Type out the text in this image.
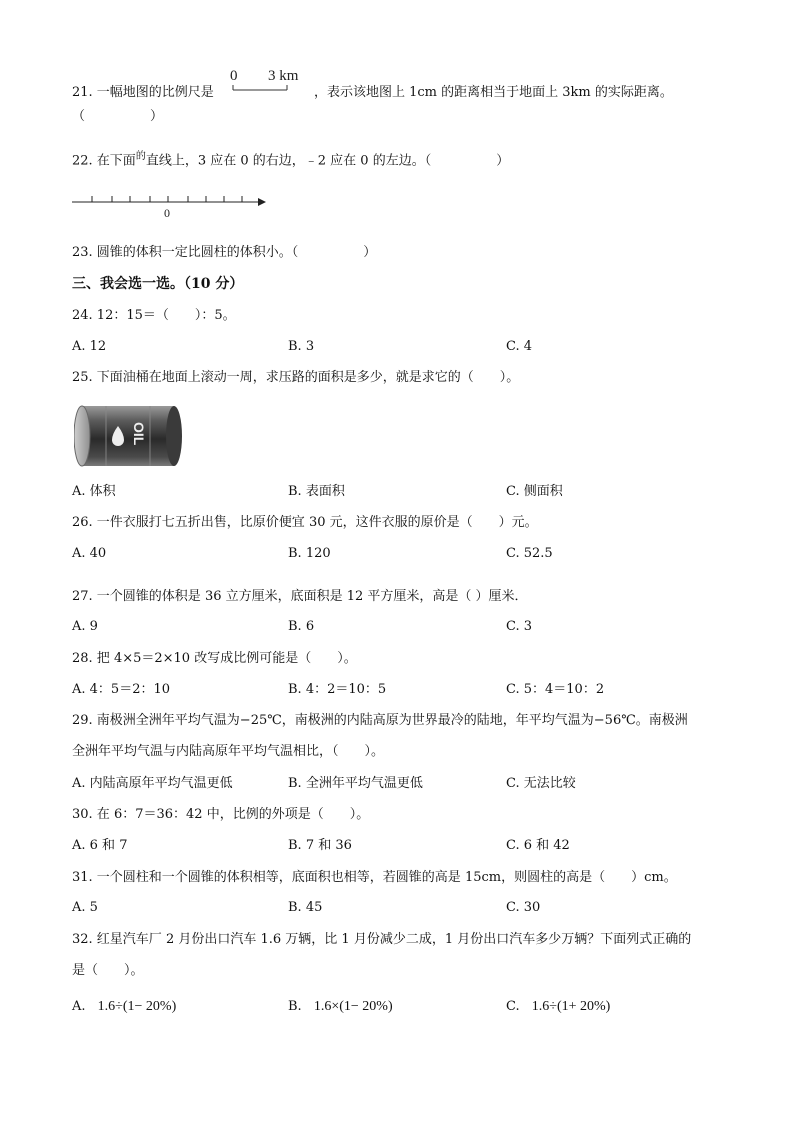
21. 一幅地图的比例尺是
0 3 km
，表示该地图上 1cm 的距离相当于地面上 3km 的实际距离。
（　　　　　）
22. 在下面$^的$直线上，3 应在 0 的右边，﹣2 应在 0 的左边。（　　　　　）
0
23. 圆锥的体积一定比圆柱的体积小。（　　　　　）
三、我会选一选。（10 分）
24. 12：15＝（　　）：5。
A. 12	B. 3	C. 4
25. 下面油桶在地面上滚动一周，求压路的面积是多少，就是求它的（　　）。
OIL
A. 体积	B. 表面积	C. 侧面积
26. 一件衣服打七五折出售，比原价便宜 30 元，这件衣服的原价是（　　）元。
A. 40	B. 120	C. 52.5
27. 一个圆锥的体积是 36 立方厘米，底面积是 12 平方厘米，高是（ ）厘米．
A. 9	B. 6	C. 3
28. 把 4×5＝2×10 改写成比例可能是（　　）。
A. 4：5＝2：10	B. 4：2＝10：5	C. 5：4＝10：2
29. 南极洲全洲年平均气温为−25℃，南极洲的内陆高原为世界最冷的陆地，年平均气温为−56℃。南极洲
全洲年平均气温与内陆高原年平均气温相比，（　　）。
A. 内陆高原年平均气温更低	B. 全洲年平均气温更低	C. 无法比较
30. 在 6：7＝36：42 中，比例的外项是（　　）。
A. 6 和 7	B. 7 和 36	C. 6 和 42
31. 一个圆柱和一个圆锥的体积相等，底面积也相等，若圆锥的高是 15cm，则圆柱的高是（　　）cm。
A. 5	B. 45	C. 30
32. 红星汽车厂 2 月份出口汽车 1.6 万辆，比 1 月份减少二成，1 月份出口汽车多少万辆？下面列式正确的
是（　　）。
A. 1.6÷(1− 20%)	B. 1.6×(1− 20%)	C. 1.6÷(1+ 20%)
